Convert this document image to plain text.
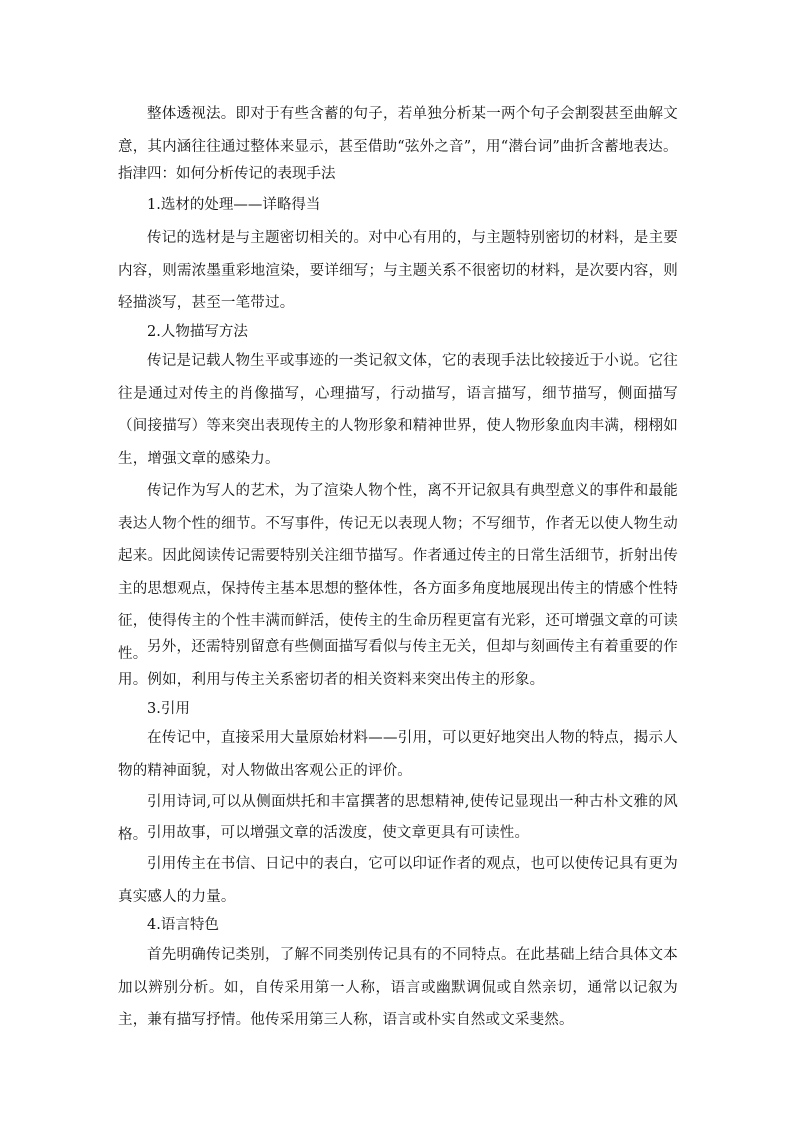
整体透视法。即对于有些含蓄的句子，若单独分析某一两个句子会割裂甚至曲解文意，其内涵往往通过整体来显示，甚至借助“弦外之音”，用“潜台词”曲折含蓄地表达。

指津四：如何分析传记的表现手法

1.选材的处理——详略得当

传记的选材是与主题密切相关的。对中心有用的，与主题特别密切的材料，是主要内容，则需浓墨重彩地渲染，要详细写；与主题关系不很密切的材料，是次要内容，则轻描淡写，甚至一笔带过。

2.人物描写方法

传记是记载人物生平或事迹的一类记叙文体，它的表现手法比较接近于小说。它往往是通过对传主的肖像描写，心理描写，行动描写，语言描写，细节描写，侧面描写（间接描写）等来突出表现传主的人物形象和精神世界，使人物形象血肉丰满，栩栩如生，增强文章的感染力。

传记作为写人的艺术，为了渲染人物个性，离不开记叙具有典型意义的事件和最能表达人物个性的细节。不写事件，传记无以表现人物；不写细节，作者无以使人物生动起来。因此阅读传记需要特别关注细节描写。作者通过传主的日常生活细节，折射出传主的思想观点，保持传主基本思想的整体性，各方面多角度地展现出传主的情感个性特征，使得传主的个性丰满而鲜活，使传主的生命历程更富有光彩，还可增强文章的可读性。 另外，还需特别留意有些侧面描写看似与传主无关，但却与刻画传主有着重要的作用。例如，利用与传主关系密切者的相关资料来突出传主的形象。

3.引用

在传记中，直接采用大量原始材料——引用，可以更好地突出人物的特点，揭示人物的精神面貌，对人物做出客观公正的评价。

引用诗词,可以从侧面烘托和丰富撰著的思想精神,使传记显现出一种古朴文雅的风格。 引用故事，可以增强文章的活泼度，使文章更具有可读性。

引用传主在书信、日记中的表白，它可以印证作者的观点，也可以使传记具有更为真实感人的力量。

4.语言特色

首先明确传记类别，了解不同类别传记具有的不同特点。在此基础上结合具体文本加以辨别分析。如，自传采用第一人称，语言或幽默调侃或自然亲切，通常以记叙为主，兼有描写抒情。他传采用第三人称，语言或朴实自然或文采斐然。
